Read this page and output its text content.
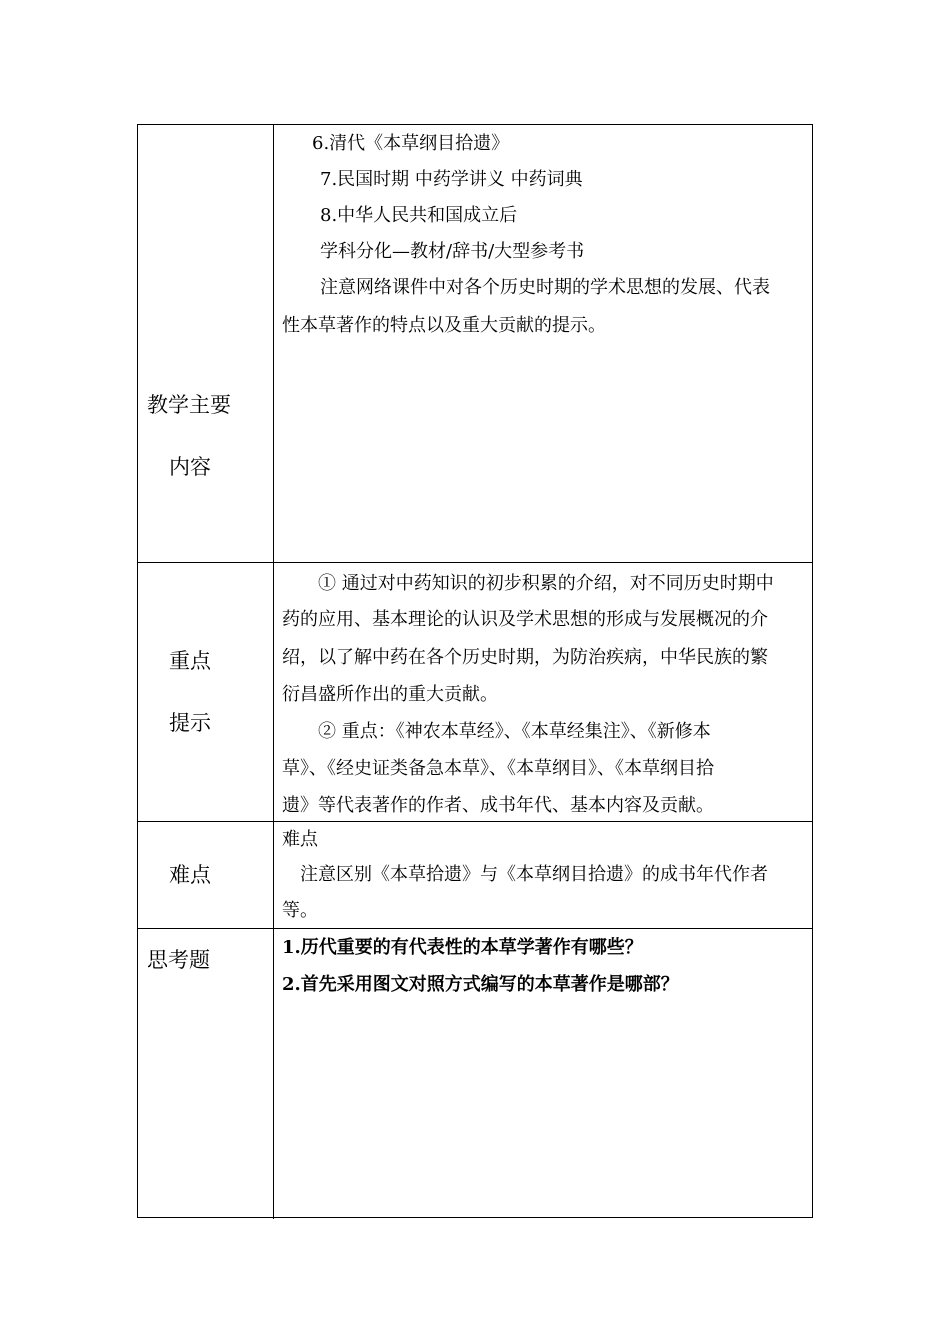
教学主要
内容
6.清代《本草纲目拾遗》
7.民国时期 中药学讲义 中药词典
8.中华人民共和国成立后
学科分化—教材/辞书/大型参考书
注意网络课件中对各个历史时期的学术思想的发展、代表
性本草著作的特点以及重大贡献的提示。
重点
提示
① 通过对中药知识的初步积累的介绍，对不同历史时期中
药的应用、基本理论的认识及学术思想的形成与发展概况的介
绍，以了解中药在各个历史时期，为防治疾病，中华民族的繁
衍昌盛所作出的重大贡献。
② 重点：《神农本草经》、《本草经集注》、《新修本
草》、《经史证类备急本草》、《本草纲目》、《本草纲目拾
遗》等代表著作的作者、成书年代、基本内容及贡献。
难点
难点
注意区别《本草拾遗》与《本草纲目拾遗》的成书年代作者
等。
思考题
1.历代重要的有代表性的本草学著作有哪些？
2.首先采用图文对照方式编写的本草著作是哪部？
